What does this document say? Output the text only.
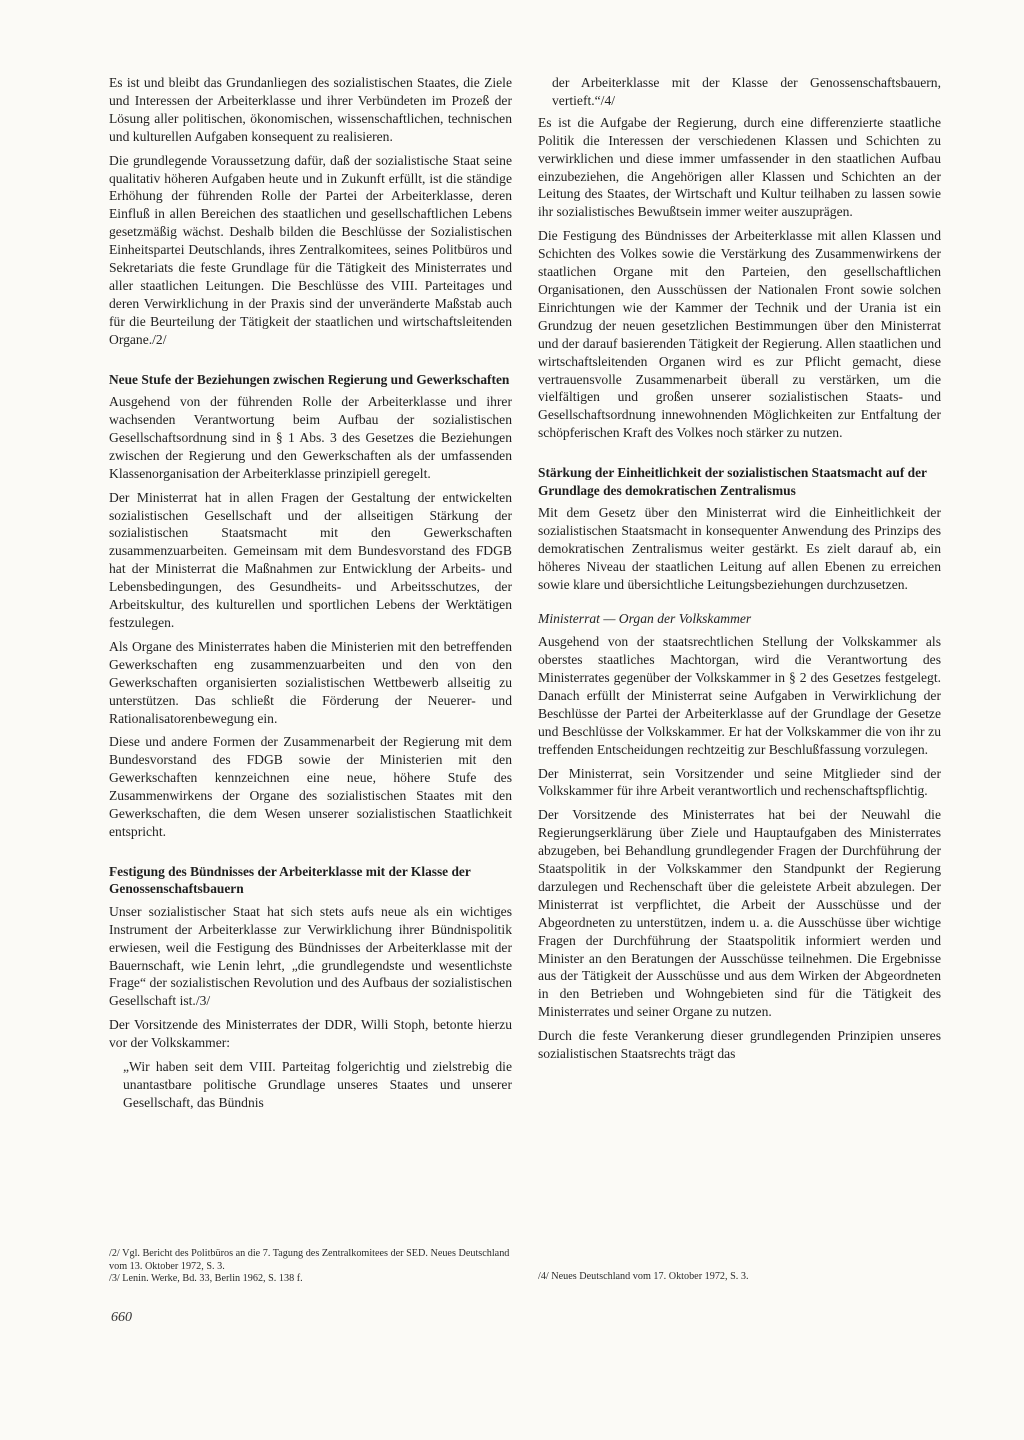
Es ist und bleibt das Grundanliegen des sozialistischen Staates, die Ziele und Interessen der Arbeiterklasse und ihrer Verbündeten im Prozeß der Lösung aller politischen, ökonomischen, wissenschaftlichen, technischen und kulturellen Aufgaben konsequent zu realisieren.

Die grundlegende Voraussetzung dafür, daß der sozialistische Staat seine qualitativ höheren Aufgaben heute und in Zukunft erfüllt, ist die ständige Erhöhung der führenden Rolle der Partei der Arbeiterklasse, deren Einfluß in allen Bereichen des staatlichen und gesellschaftlichen Lebens gesetzmäßig wächst. Deshalb bilden die Beschlüsse der Sozialistischen Einheitspartei Deutschlands, ihres Zentralkomitees, seines Politbüros und Sekretariats die feste Grundlage für die Tätigkeit des Ministerrates und aller staatlichen Leitungen. Die Beschlüsse des VIII. Parteitages und deren Verwirklichung in der Praxis sind der unveränderte Maßstab auch für die Beurteilung der Tätigkeit der staatlichen und wirtschaftsleitenden Organe./2/

Neue Stufe der Beziehungen zwischen Regierung und Gewerkschaften

Ausgehend von der führenden Rolle der Arbeiterklasse und ihrer wachsenden Verantwortung beim Aufbau der sozialistischen Gesellschaftsordnung sind in § 1 Abs. 3 des Gesetzes die Beziehungen zwischen der Regierung und den Gewerkschaften als der umfassenden Klassenorganisation der Arbeiterklasse prinzipiell geregelt.

Der Ministerrat hat in allen Fragen der Gestaltung der entwickelten sozialistischen Gesellschaft und der allseitigen Stärkung der sozialistischen Staatsmacht mit den Gewerkschaften zusammenzuarbeiten. Gemeinsam mit dem Bundesvorstand des FDGB hat der Ministerrat die Maßnahmen zur Entwicklung der Arbeits- und Lebensbedingungen, des Gesundheits- und Arbeitsschutzes, der Arbeitskultur, des kulturellen und sportlichen Lebens der Werktätigen festzulegen.

Als Organe des Ministerrates haben die Ministerien mit den betreffenden Gewerkschaften eng zusammenzuarbeiten und den von den Gewerkschaften organisierten sozialistischen Wettbewerb allseitig zu unterstützen. Das schließt die Förderung der Neuerer- und Rationalisatorenbewegung ein.

Diese und andere Formen der Zusammenarbeit der Regierung mit dem Bundesvorstand des FDGB sowie der Ministerien mit den Gewerkschaften kennzeichnen eine neue, höhere Stufe des Zusammenwirkens der Organe des sozialistischen Staates mit den Gewerkschaften, die dem Wesen unserer sozialistischen Staatlichkeit entspricht.

Festigung des Bündnisses der Arbeiterklasse mit der Klasse der Genossenschaftsbauern

Unser sozialistischer Staat hat sich stets aufs neue als ein wichtiges Instrument der Arbeiterklasse zur Verwirklichung ihrer Bündnispolitik erwiesen, weil die Festigung des Bündnisses der Arbeiterklasse mit der Bauernschaft, wie Lenin lehrt, „die grundlegendste und wesentlichste Frage“ der sozialistischen Revolution und des Aufbaus der sozialistischen Gesellschaft ist./3/

Der Vorsitzende des Ministerrates der DDR, Willi Stoph, betonte hierzu vor der Volkskammer:

„Wir haben seit dem VIII. Parteitag folgerichtig und zielstrebig die unantastbare politische Grundlage unseres Staates und unserer Gesellschaft, das Bündnis

der Arbeiterklasse mit der Klasse der Genossenschaftsbauern, vertieft.“/4/

Es ist die Aufgabe der Regierung, durch eine differenzierte staatliche Politik die Interessen der verschiedenen Klassen und Schichten zu verwirklichen und diese immer umfassender in den staatlichen Aufbau einzubeziehen, die Angehörigen aller Klassen und Schichten an der Leitung des Staates, der Wirtschaft und Kultur teilhaben zu lassen sowie ihr sozialistisches Bewußtsein immer weiter auszuprägen.

Die Festigung des Bündnisses der Arbeiterklasse mit allen Klassen und Schichten des Volkes sowie die Verstärkung des Zusammenwirkens der staatlichen Organe mit den Parteien, den gesellschaftlichen Organisationen, den Ausschüssen der Nationalen Front sowie solchen Einrichtungen wie der Kammer der Technik und der Urania ist ein Grundzug der neuen gesetzlichen Bestimmungen über den Ministerrat und der darauf basierenden Tätigkeit der Regierung. Allen staatlichen und wirtschaftsleitenden Organen wird es zur Pflicht gemacht, diese vertrauensvolle Zusammenarbeit überall zu verstärken, um die vielfältigen und großen unserer sozialistischen Staats- und Gesellschaftsordnung innewohnenden Möglichkeiten zur Entfaltung der schöpferischen Kraft des Volkes noch stärker zu nutzen.

Stärkung der Einheitlichkeit der sozialistischen Staatsmacht auf der Grundlage des demokratischen Zentralismus

Mit dem Gesetz über den Ministerrat wird die Einheitlichkeit der sozialistischen Staatsmacht in konsequenter Anwendung des Prinzips des demokratischen Zentralismus weiter gestärkt. Es zielt darauf ab, ein höheres Niveau der staatlichen Leitung auf allen Ebenen zu erreichen sowie klare und übersichtliche Leitungsbeziehungen durchzusetzen.

Ministerrat — Organ der Volkskammer

Ausgehend von der staatsrechtlichen Stellung der Volkskammer als oberstes staatliches Machtorgan, wird die Verantwortung des Ministerrates gegenüber der Volkskammer in § 2 des Gesetzes festgelegt. Danach erfüllt der Ministerrat seine Aufgaben in Verwirklichung der Beschlüsse der Partei der Arbeiterklasse auf der Grundlage der Gesetze und Beschlüsse der Volkskammer. Er hat der Volkskammer die von ihr zu treffenden Entscheidungen rechtzeitig zur Beschlußfassung vorzulegen.

Der Ministerrat, sein Vorsitzender und seine Mitglieder sind der Volkskammer für ihre Arbeit verantwortlich und rechenschaftspflichtig.

Der Vorsitzende des Ministerrates hat bei der Neuwahl die Regierungserklärung über Ziele und Hauptaufgaben des Ministerrates abzugeben, bei Behandlung grundlegender Fragen der Durchführung der Staatspolitik in der Volkskammer den Standpunkt der Regierung darzulegen und Rechenschaft über die geleistete Arbeit abzulegen. Der Ministerrat ist verpflichtet, die Arbeit der Ausschüsse und der Abgeordneten zu unterstützen, indem u. a. die Ausschüsse über wichtige Fragen der Durchführung der Staatspolitik informiert werden und Minister an den Beratungen der Ausschüsse teilnehmen. Die Ergebnisse aus der Tätigkeit der Ausschüsse und aus dem Wirken der Abgeordneten in den Betrieben und Wohngebieten sind für die Tätigkeit des Ministerrates und seiner Organe zu nutzen.

Durch die feste Verankerung dieser grundlegenden Prinzipien unseres sozialistischen Staatsrechts trägt das

/2/ Vgl. Bericht des Politbüros an die 7. Tagung des Zentralkomitees der SED. Neues Deutschland vom 13. Oktober 1972, S. 3.

/3/ Lenin. Werke, Bd. 33, Berlin 1962, S. 138 f.	/4/ Neues Deutschland vom 17. Oktober 1972, S. 3.

660
